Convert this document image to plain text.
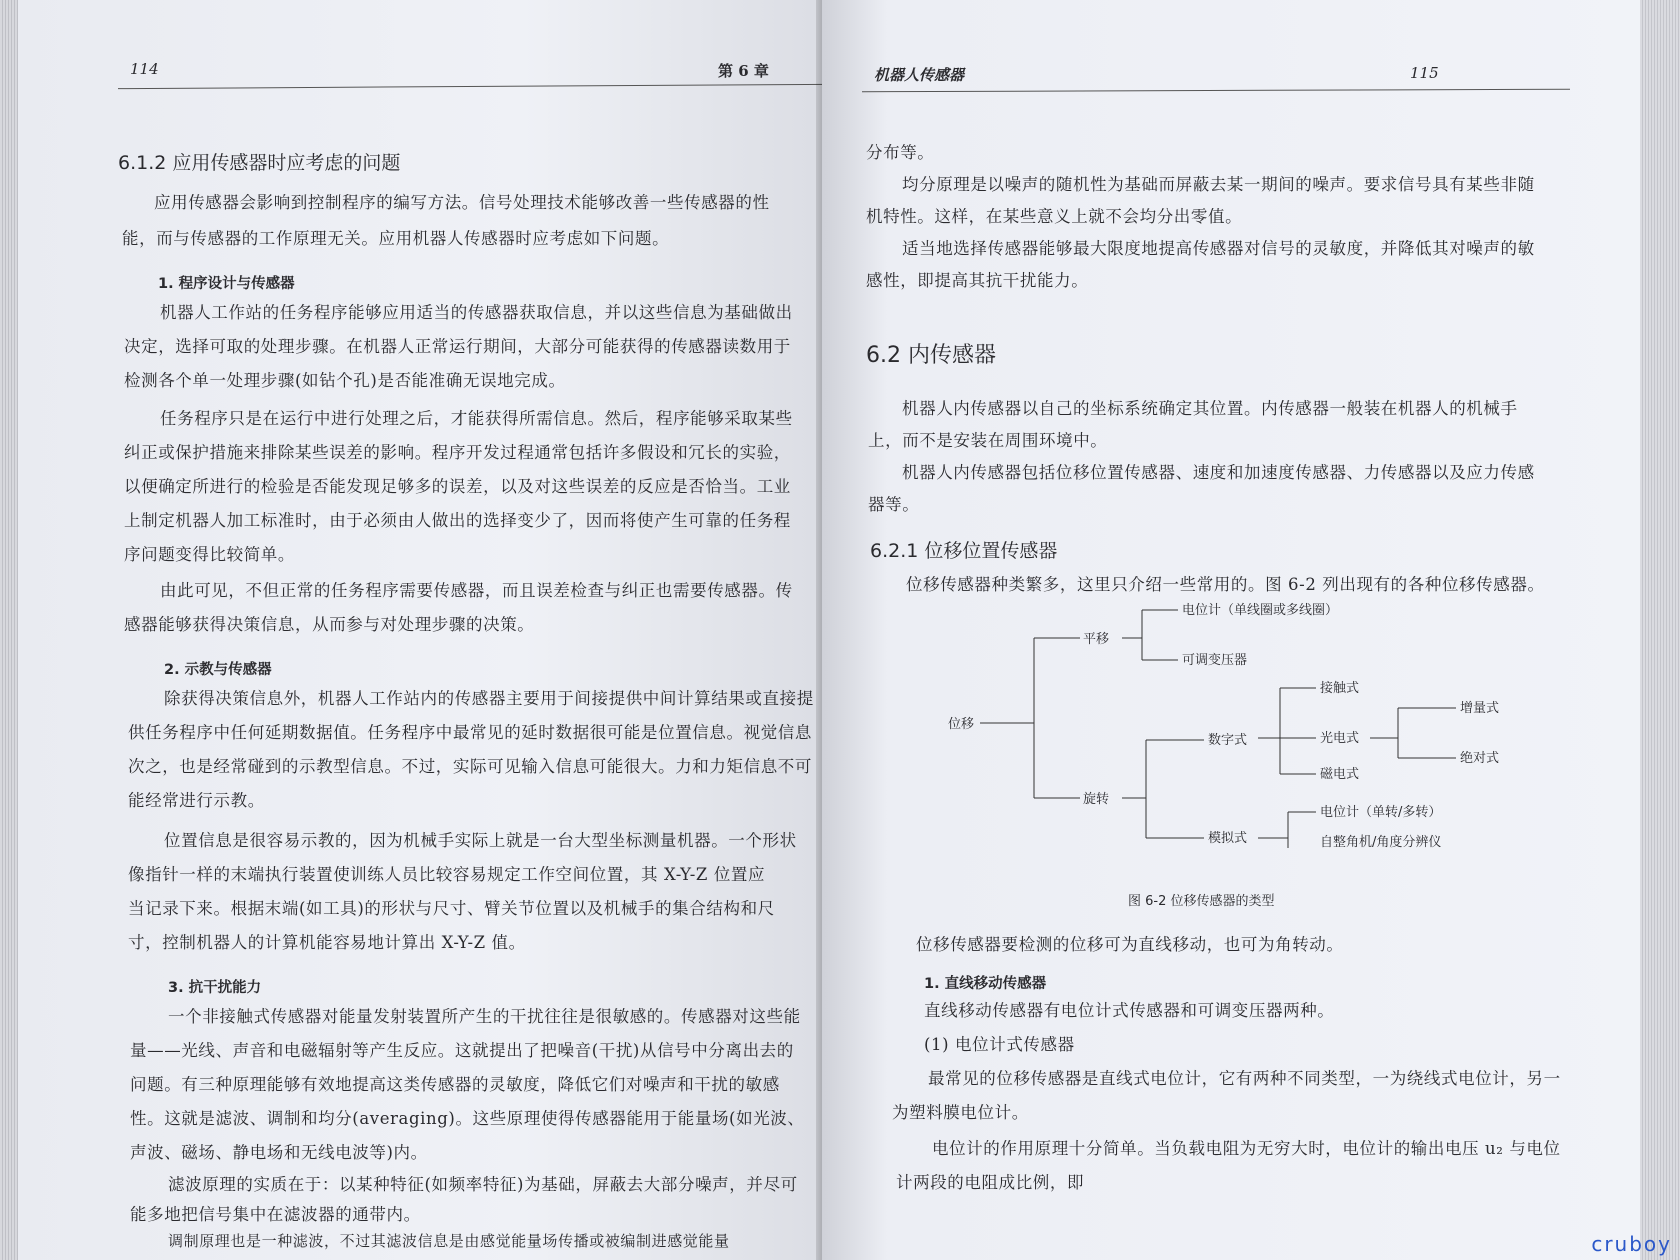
114	第 6 章
6.1.2 应用传感器时应考虑的问题
应用传感器会影响到控制程序的编写方法。信号处理技术能够改善一些传感器的性
能，而与传感器的工作原理无关。应用机器人传感器时应考虑如下问题。
1. 程序设计与传感器
机器人工作站的任务程序能够应用适当的传感器获取信息，并以这些信息为基础做出
决定，选择可取的处理步骤。在机器人正常运行期间，大部分可能获得的传感器读数用于
检测各个单一处理步骤(如钻个孔)是否能准确无误地完成。
任务程序只是在运行中进行处理之后，才能获得所需信息。然后，程序能够采取某些
纠正或保护措施来排除某些误差的影响。程序开发过程通常包括许多假设和冗长的实验，
以便确定所进行的检验是否能发现足够多的误差，以及对这些误差的反应是否恰当。工业
上制定机器人加工标准时，由于必须由人做出的选择变少了，因而将使产生可靠的任务程
序问题变得比较简单。
由此可见，不但正常的任务程序需要传感器，而且误差检查与纠正也需要传感器。传
感器能够获得决策信息，从而参与对处理步骤的决策。
2. 示教与传感器
除获得决策信息外，机器人工作站内的传感器主要用于间接提供中间计算结果或直接提
供任务程序中任何延期数据值。任务程序中最常见的延时数据很可能是位置信息。视觉信息
次之，也是经常碰到的示教型信息。不过，实际可见输入信息可能很大。力和力矩信息不可
能经常进行示教。
位置信息是很容易示教的，因为机械手实际上就是一台大型坐标测量机器。一个形状
像指针一样的末端执行装置使训练人员比较容易规定工作空间位置，其 X-Y-Z 位置应
当记录下来。根据末端(如工具)的形状与尺寸、臂关节位置以及机械手的集合结构和尺
寸，控制机器人的计算机能容易地计算出 X-Y-Z 值。
3. 抗干扰能力
一个非接触式传感器对能量发射装置所产生的干扰往往是很敏感的。传感器对这些能
量——光线、声音和电磁辐射等产生反应。这就提出了把噪音(干扰)从信号中分离出去的
问题。有三种原理能够有效地提高这类传感器的灵敏度，降低它们对噪声和干扰的敏感
性。这就是滤波、调制和均分(averaging)。这些原理使得传感器能用于能量场(如光波、
声波、磁场、静电场和无线电波等)内。
滤波原理的实质在于：以某种特征(如频率特征)为基础，屏蔽去大部分噪声，并尽可
能多地把信号集中在滤波器的通带内。
调制原理也是一种滤波，不过其滤波信息是由感觉能量场传播或被编制进感觉能量
机器人传感器	115
分布等。
均分原理是以噪声的随机性为基础而屏蔽去某一期间的噪声。要求信号具有某些非随
机特性。这样，在某些意义上就不会均分出零值。
适当地选择传感器能够最大限度地提高传感器对信号的灵敏度，并降低其对噪声的敏
感性，即提高其抗干扰能力。
6.2 内传感器
机器人内传感器以自己的坐标系统确定其位置。内传感器一般装在机器人的机械手
上，而不是安装在周围环境中。
机器人内传感器包括位移位置传感器、速度和加速度传感器、力传感器以及应力传感
器等。
6.2.1 位移位置传感器
位移传感器种类繁多，这里只介绍一些常用的。图 6-2 列出现有的各种位移传感器。
图 6-2 位移传感器的类型
位移传感器要检测的位移可为直线移动，也可为角转动。
1. 直线移动传感器
直线移动传感器有电位计式传感器和可调变压器两种。
(1) 电位计式传感器
最常见的位移传感器是直线式电位计，它有两种不同类型，一为绕线式电位计，另一
为塑料膜电位计。
电位计的作用原理十分简单。当负载电阻为无穷大时，电位计的输出电压 u₂ 与电位
计两段的电阻成比例，即
位移
平移
电位计（单线圈或多线圈）
可调变压器
旋转
数字式
接触式
光电式
磁电式
增量式
绝对式
模拟式
电位计（单转/多转）
自整角机/角度分辨仪
cruboy
